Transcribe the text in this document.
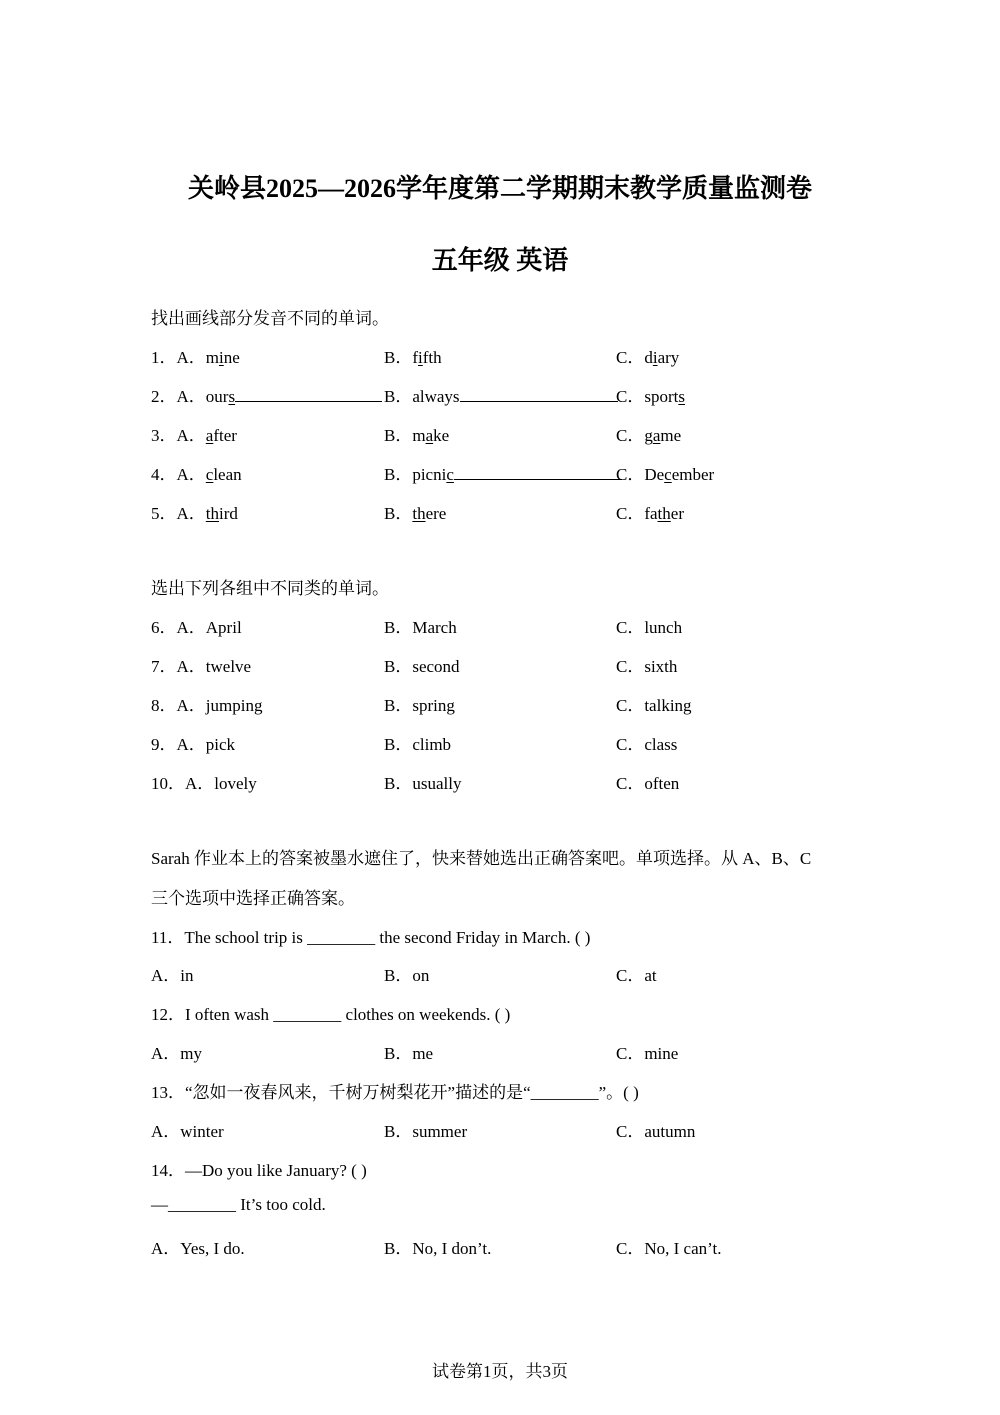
关岭县2025—2026学年度第二学期期末教学质量监测卷
五年级 英语
找出画线部分发音不同的单词。
1．A．mine	B．fifth	C．diary
2．A．ours	B．always	C．sports
3．A．after	B．make	C．game
4．A．clean	B．picnic	C．December
5．A．third	B．there	C．father
选出下列各组中不同类的单词。
6．A．April	B．March	C．lunch
7．A．twelve	B．second	C．sixth
8．A．jumping	B．spring	C．talking
9．A．pick	B．climb	C．class
10．A．lovely	B．usually	C．often
Sarah 作业本上的答案被墨水遮住了，快来替她选出正确答案吧。单项选择。从 A、B、C
三个选项中选择正确答案。
11．The school trip is ________ the second Friday in March. ( )
A．in	B．on	C．at
12．I often wash ________ clothes on weekends. ( )
A．my	B．me	C．mine
13．“忽如一夜春风来，千树万树梨花开”描述的是“________”。( )
A．winter	B．summer	C．autumn
14．—Do you like January? ( )
—________ It’s too cold.
A．Yes, I do.	B．No, I don’t.	C．No, I can’t.
试卷第1页，共3页
